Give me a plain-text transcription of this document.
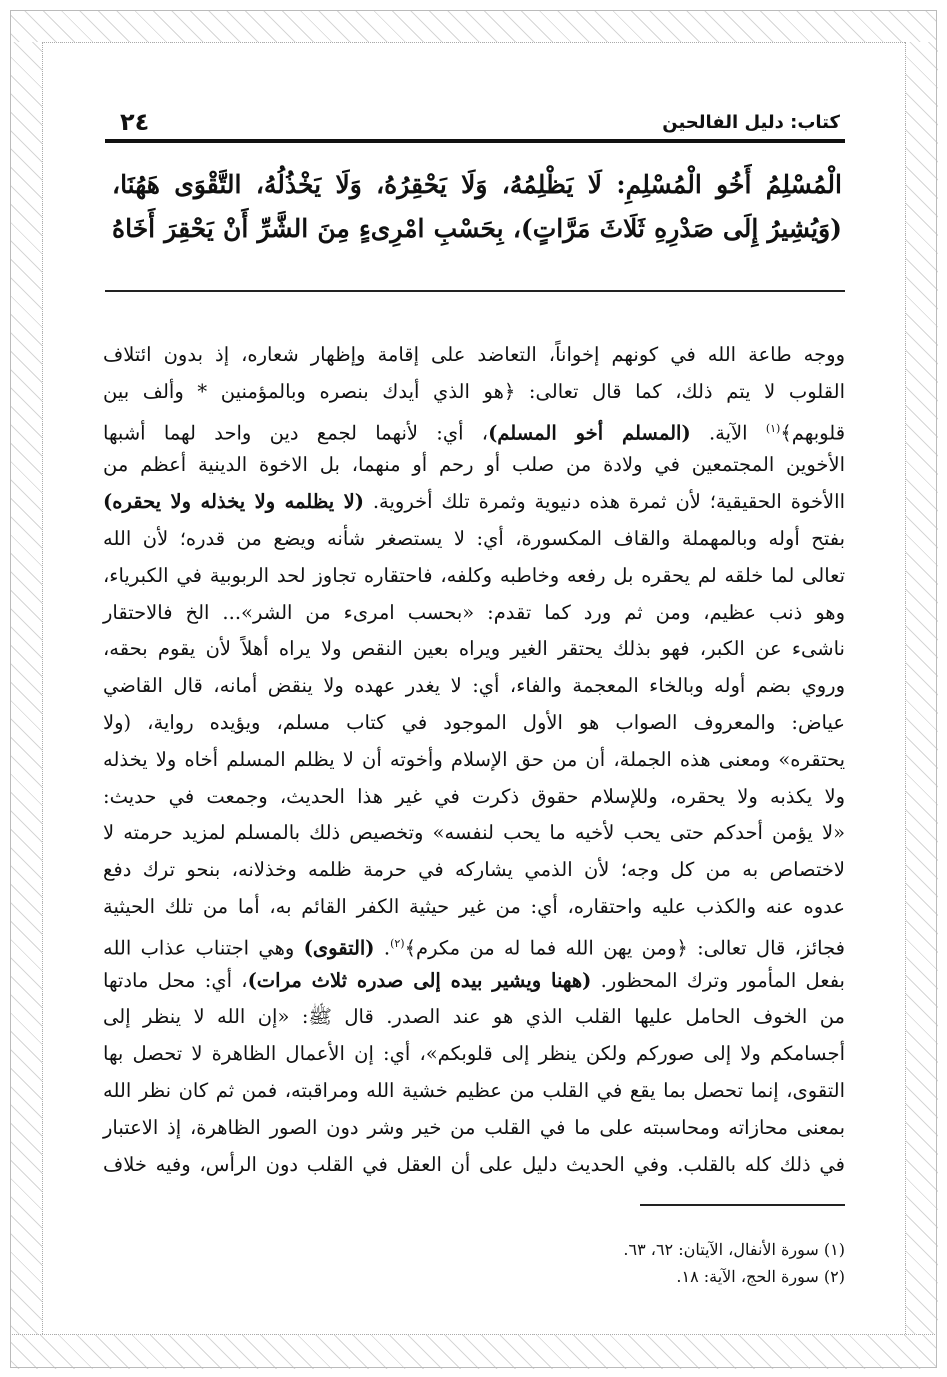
كتاب: دليل الفالحين
٢٤
الْمُسْلِمُ أَخُو الْمُسْلِمِ: لَا يَظْلِمُهُ، وَلَا يَحْقِرُهُ، وَلَا يَخْذُلُهُ، التَّقْوَى هَهُنَا،
(وَيُشِيرُ إِلَى صَدْرِهِ ثَلَاثَ مَرَّاتٍ)، بِحَسْبِ امْرِىءٍ مِنَ الشَّرِّ أَنْ يَحْقِرَ أَخَاهُ
ووجه طاعة الله في كونهم إخواناً، التعاضد على إقامة وإظهار شعاره، إذ بدون ائتلاف
القلوب لا يتم ذلك، كما قال تعالى: ﴿هو الذي أيدك بنصره وبالمؤمنين * وألف بين
قلوبهم﴾$^{(١)}$ الآية. (المسلم أخو المسلم)، أي: لأنهما لجمع دين واحد لهما أشبها
الأخوين المجتمعين في ولادة من صلب أو رحم أو منهما، بل الاخوة الدينية أعظم من
االأخوة الحقيقية؛ لأن ثمرة هذه دنيوية وثمرة تلك أخروية. (لا يظلمه ولا يخذله ولا يحقره)
بفتح أوله وبالمهملة والقاف المكسورة، أي: لا يستصغر شأنه ويضع من قدره؛ لأن الله
تعالى لما خلقه لم يحقره بل رفعه وخاطبه وكلفه، فاحتقاره تجاوز لحد الربوبية في الكبرياء،
وهو ذنب عظيم، ومن ثم ورد كما تقدم: «بحسب امرىء من الشر»... الخ فالاحتقار
ناشىء عن الكبر، فهو بذلك يحتقر الغير ويراه بعين النقص ولا يراه أهلاً لأن يقوم بحقه،
وروي بضم أوله وبالخاء المعجمة والفاء، أي: لا يغدر عهده ولا ينقض أمانه، قال القاضي
عياض: والمعروف الصواب هو الأول الموجود في كتاب مسلم، ويؤيده رواية، (ولا
يحتقره» ومعنى هذه الجملة، أن من حق الإسلام وأخوته أن لا يظلم المسلم أخاه ولا يخذله
ولا يكذبه ولا يحقره، وللإسلام حقوق ذكرت في غير هذا الحديث، وجمعت في حديث:
«لا يؤمن أحدكم حتى يحب لأخيه ما يحب لنفسه» وتخصيص ذلك بالمسلم لمزيد حرمته لا
لاختصاص به من كل وجه؛ لأن الذمي يشاركه في حرمة ظلمه وخذلانه، بنحو ترك دفع
عدوه عنه والكذب عليه واحتقاره، أي: من غير حيثية الكفر القائم به، أما من تلك الحيثية
فجائز، قال تعالى: ﴿ومن يهن الله فما له من مكرم﴾$^{(٢)}$. (التقوى) وهي اجتناب عذاب الله
بفعل المأمور وترك المحظور. (ههنا ويشير بيده إلى صدره ثلاث مرات)، أي: محل مادتها
من الخوف الحامل عليها القلب الذي هو عند الصدر. قال ﷺ: «إن الله لا ينظر إلى
أجسامكم ولا إلى صوركم ولكن ينظر إلى قلوبكم»، أي: إن الأعمال الظاهرة لا تحصل بها
التقوى، إنما تحصل بما يقع في القلب من عظيم خشية الله ومراقبته، فمن ثم كان نظر الله
بمعنى محازاته ومحاسبته على ما في القلب من خير وشر دون الصور الظاهرة، إذ الاعتبار
في ذلك كله بالقلب. وفي الحديث دليل على أن العقل في القلب دون الرأس، وفيه خلاف
(١) سورة الأنفال، الآيتان: ٦٢، ٦٣.
(٢) سورة الحج، الآية: ١٨.
